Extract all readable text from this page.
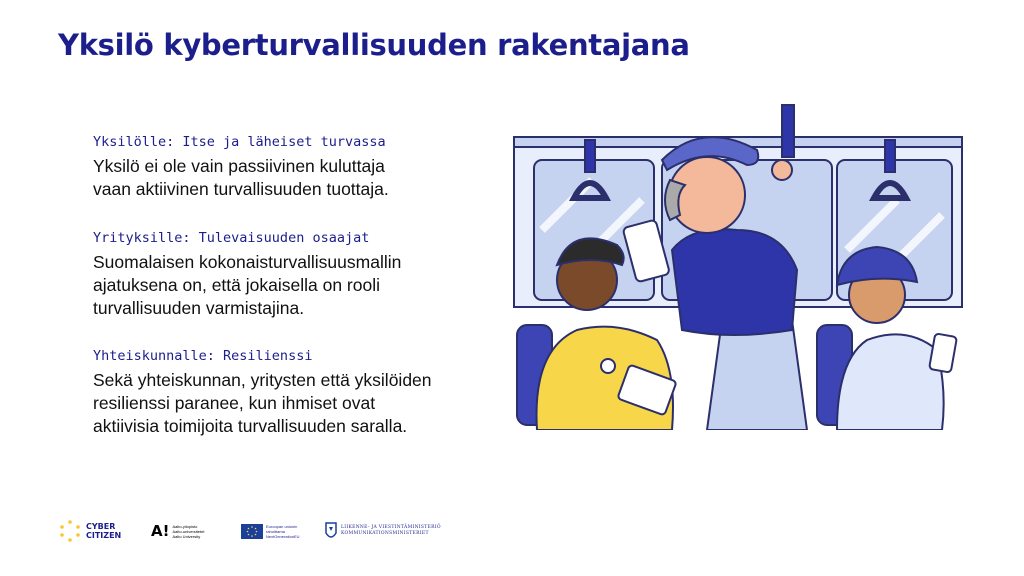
Yksilö kyberturvallisuuden rakentajana

Yksilölle: Itse ja läheiset turvassa

Yksilö ei ole vain passiivinen kuluttaja
vaan aktiivinen turvallisuuden tuottaja.

Yrityksille: Tulevaisuuden osaajat

Suomalaisen kokonaisturvallisuusmallin
ajatuksena on, että jokaisella on rooli
turvallisuuden varmistajina.

Yhteiskunnalle: Resilienssi

Sekä yhteiskunnan, yritysten että yksilöiden
resilienssi paranee, kun ihmiset ovat
aktiivisia toimijoita turvallisuuden saralla.

CYBER
CITIZEN A! Aalto-yliopisto
Aalto-universitetet
Aalto University
Euroopan unionin
rahoittama
NextGenerationEU
LIIKENNE- JA VIESTINTÄMINISTERIÖ
KOMMUNIKATIONSMINISTERIET
